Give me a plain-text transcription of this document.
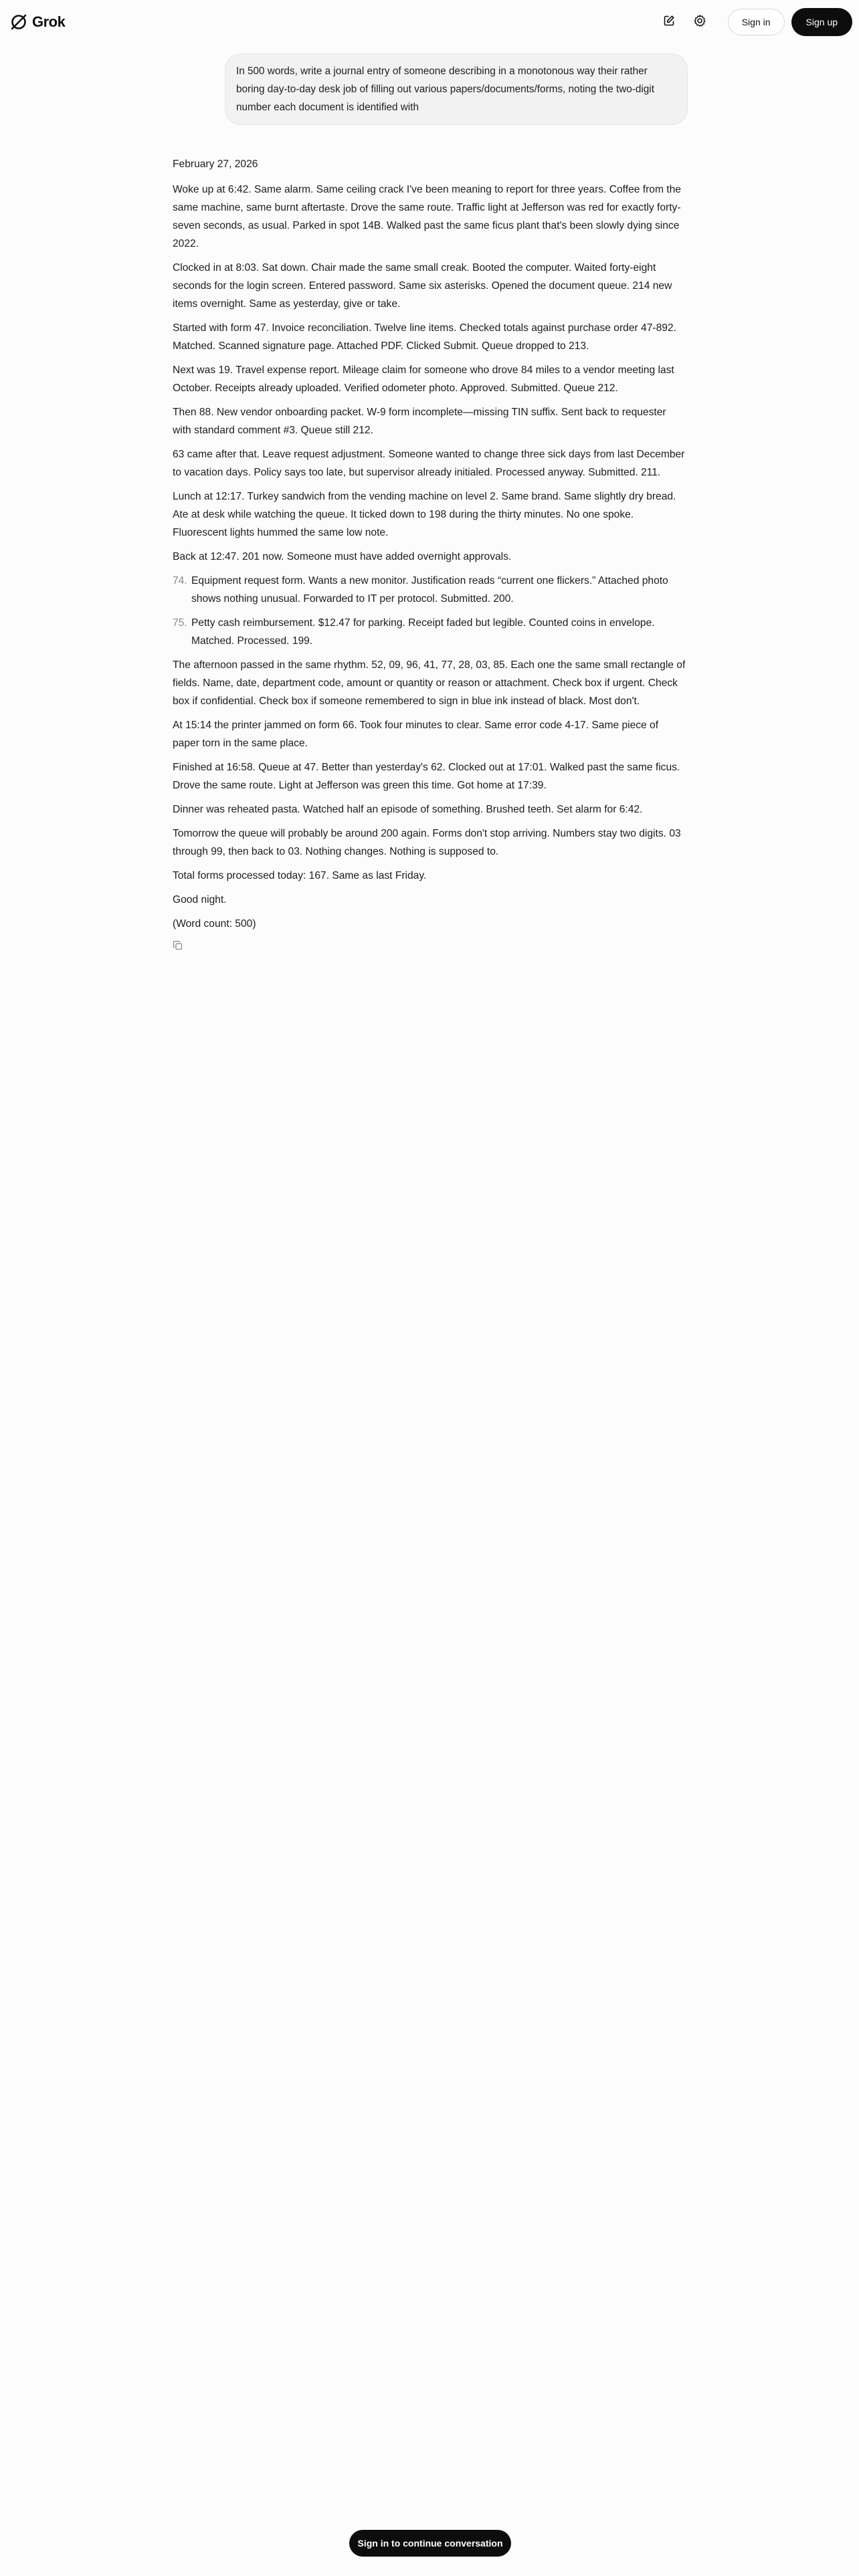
Grok	Sign in	Sign up
In 500 words, write a journal entry of someone describing in a monotonous way their rather boring day-to-day desk job of filling out various papers/documents/forms, noting the two-digit number each document is identified with

February 27, 2026

Woke up at 6:42. Same alarm. Same ceiling crack I've been meaning to report for three years. Coffee from the same machine, same burnt aftertaste. Drove the same route. Traffic light at Jefferson was red for exactly forty-seven seconds, as usual. Parked in spot 14B. Walked past the same ficus plant that's been slowly dying since 2022.

Clocked in at 8:03. Sat down. Chair made the same small creak. Booted the computer. Waited forty-eight seconds for the login screen. Entered password. Same six asterisks. Opened the document queue. 214 new items overnight. Same as yesterday, give or take.

Started with form 47. Invoice reconciliation. Twelve line items. Checked totals against purchase order 47-892. Matched. Scanned signature page. Attached PDF. Clicked Submit. Queue dropped to 213.

Next was 19. Travel expense report. Mileage claim for someone who drove 84 miles to a vendor meeting last October. Receipts already uploaded. Verified odometer photo. Approved. Submitted. Queue 212.

Then 88. New vendor onboarding packet. W-9 form incomplete—missing TIN suffix. Sent back to requester with standard comment #3. Queue still 212.

63 came after that. Leave request adjustment. Someone wanted to change three sick days from last December to vacation days. Policy says too late, but supervisor already initialed. Processed anyway. Submitted. 211.

Lunch at 12:17. Turkey sandwich from the vending machine on level 2. Same brand. Same slightly dry bread. Ate at desk while watching the queue. It ticked down to 198 during the thirty minutes. No one spoke. Fluorescent lights hummed the same low note.

Back at 12:47. 201 now. Someone must have added overnight approvals.

74. Equipment request form. Wants a new monitor. Justification reads “current one flickers.” Attached photo shows nothing unusual. Forwarded to IT per protocol. Submitted. 200.
75. Petty cash reimbursement. $12.47 for parking. Receipt faded but legible. Counted coins in envelope. Matched. Processed. 199.

The afternoon passed in the same rhythm. 52, 09, 96, 41, 77, 28, 03, 85. Each one the same small rectangle of fields. Name, date, department code, amount or quantity or reason or attachment. Check box if urgent. Check box if confidential. Check box if someone remembered to sign in blue ink instead of black. Most don't.

At 15:14 the printer jammed on form 66. Took four minutes to clear. Same error code 4-17. Same piece of paper torn in the same place.

Finished at 16:58. Queue at 47. Better than yesterday's 62. Clocked out at 17:01. Walked past the same ficus. Drove the same route. Light at Jefferson was green this time. Got home at 17:39.

Dinner was reheated pasta. Watched half an episode of something. Brushed teeth. Set alarm for 6:42.

Tomorrow the queue will probably be around 200 again. Forms don't stop arriving. Numbers stay two digits. 03 through 99, then back to 03. Nothing changes. Nothing is supposed to.

Total forms processed today: 167. Same as last Friday.

Good night.

(Word count: 500)

Sign in to continue conversation
